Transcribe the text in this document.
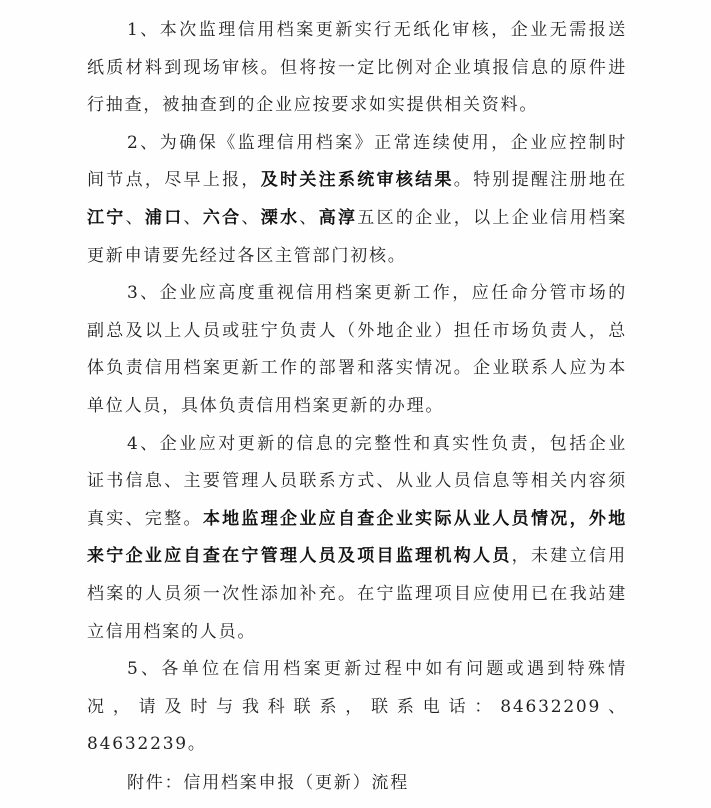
1、本次监理信用档案更新实行无纸化审核，企业无需报送纸质材料到现场审核。但将按一定比例对企业填报信息的原件进行抽查，被抽查到的企业应按要求如实提供相关资料。

2、为确保《监理信用档案》正常连续使用，企业应控制时间节点，尽早上报，及时关注系统审核结果。特别提醒注册地在江宁、浦口、六合、溧水、高淳五区的企业，以上企业信用档案更新申请要先经过各区主管部门初核。

3、企业应高度重视信用档案更新工作，应任命分管市场的副总及以上人员或驻宁负责人（外地企业）担任市场负责人，总体负责信用档案更新工作的部署和落实情况。企业联系人应为本单位人员，具体负责信用档案更新的办理。

4、企业应对更新的信息的完整性和真实性负责，包括企业证书信息、主要管理人员联系方式、从业人员信息等相关内容须真实、完整。本地监理企业应自查企业实际从业人员情况，外地来宁企业应自查在宁管理人员及项目监理机构人员，未建立信用档案的人员须一次性添加补充。在宁监理项目应使用已在我站建立信用档案的人员。

5、各单位在信用档案更新过程中如有问题或遇到特殊情况，请及时与我科联系，联系电话：84632209、84632239。

附件：信用档案申报（更新）流程
